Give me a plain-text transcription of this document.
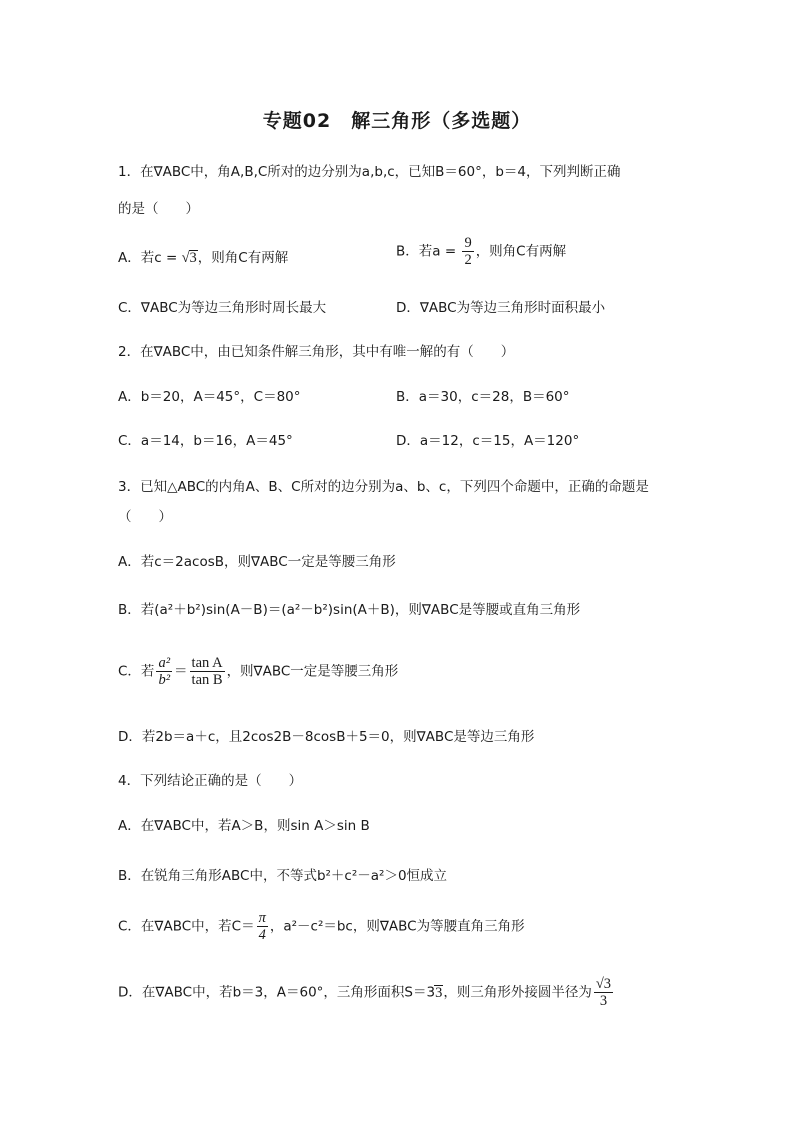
专题02　解三角形（多选题）
1．在∇ABC中，角A,B,C所对的边分别为a,b,c，已知B＝60°，b＝4，下列判断正确
的是（　　）
A．若c = √3，则角C有两解	B．若$a = \frac{9}{2}$ ，则角C有两解
C．∇ABC为等边三角形时周长最大	D．∇ABC为等边三角形时面积最小
2．在∇ABC中，由已知条件解三角形，其中有唯一解的有（　　）
A．b＝20，A＝45°，C＝80°	B．a＝30，c＝28，B＝60°
C．a＝14，b＝16，A＝45°	D．a＝12，c＝15，A＝120°
3．已知△ABC的内角A、B、C所对的边分别为a、b、c，下列四个命题中，正确的命题是
（　　）
A．若c＝2acosB，则∇ABC一定是等腰三角形
B．若(a²＋b²)sin(A－B)＝(a²－b²)sin(A＋B)，则∇ABC是等腰或直角三角形
C．若 $\frac{\text{a²}}{\text{b²}} = \frac{\text{tan A}}{\text{tan B}}$ ，则∇ABC一定是等腰三角形
D．若2b＝a＋c，且2cos2B－8cosB＋5＝0，则∇ABC是等边三角形
4．下列结论正确的是（　　）
A．在∇ABC中，若A＞B，则sin A＞sin B
B．在锐角三角形ABC中，不等式b²＋c²－a²＞0恒成立
C．在∇ABC中，若$C= \frac{\pi}{4}$ ，a²－c²＝bc，则∇ABC为等腰直角三角形
D．在∇ABC中，若b＝3，A＝60°，三角形面积S＝33，则三角形外接圆半径为 $\frac{√3}{3}$
